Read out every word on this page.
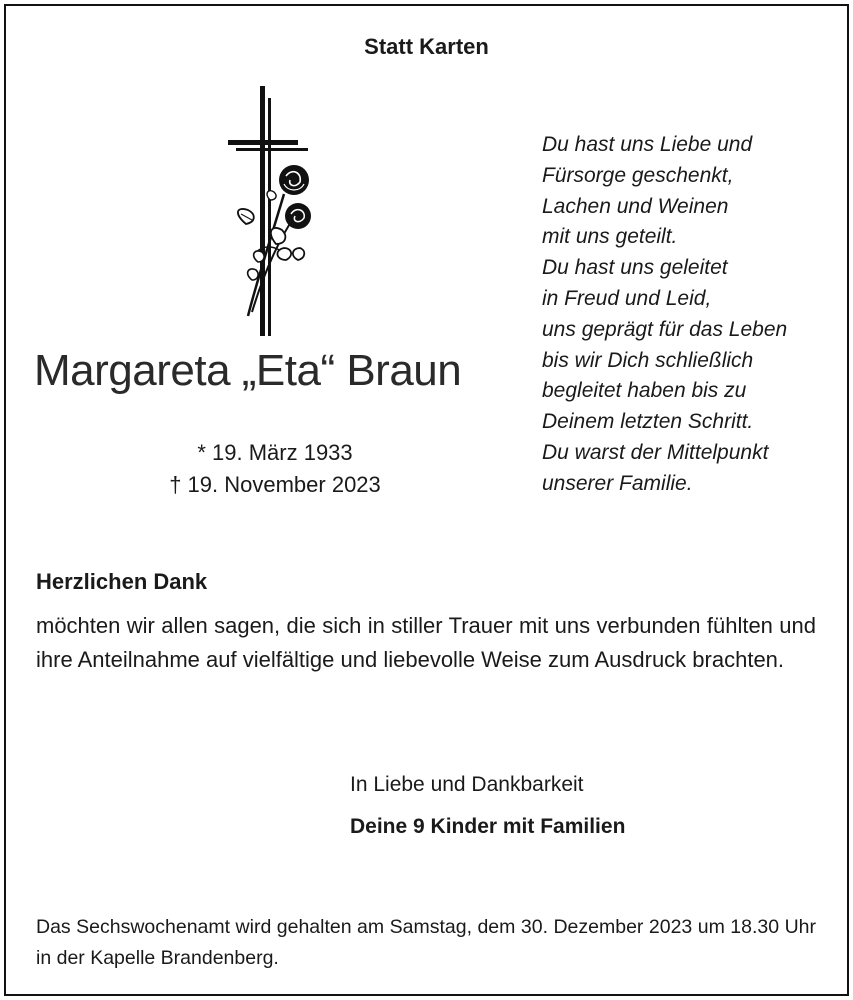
Statt Karten
Margareta „Eta“ Braun
* 19. März 1933
† 19. November 2023
Du hast uns Liebe und
Fürsorge geschenkt,
Lachen und Weinen
mit uns geteilt.
Du hast uns geleitet
in Freud und Leid,
uns geprägt für das Leben
bis wir Dich schließlich
begleitet haben bis zu
Deinem letzten Schritt.
Du warst der Mittelpunkt
unserer Familie.
Herzlichen Dank
möchten wir allen sagen, die sich in stiller Trauer mit uns verbunden fühlten und ihre Anteilnahme auf vielfältige und liebevolle Weise zum Ausdruck brachten.
In Liebe und Dankbarkeit
Deine 9 Kinder mit Familien
Das Sechswochenamt wird gehalten am Samstag, dem 30. Dezember 2023 um 18.30 Uhr in der Kapelle Brandenberg.
